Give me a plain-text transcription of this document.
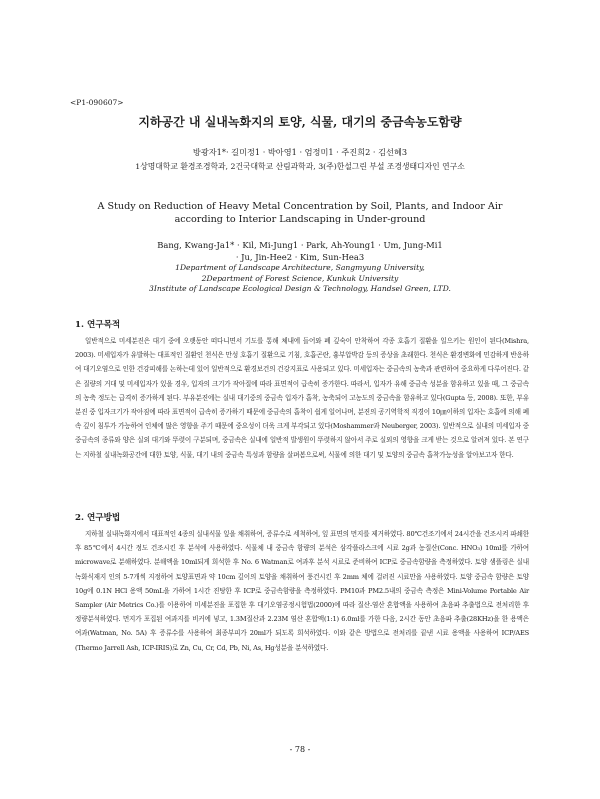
<P1-090607>
지하공간 내 실내녹화지의 토양, 식물, 대기의 중금속농도함량
방광자1*· 길미정1 · 박아영1 · 엄정미1 · 주진희2 · 김선혜3
1상명대학교 환경조경학과, 2건국대학교 산림과학과, 3(주)한설그린 부설 조경생태디자인 연구소
A Study on Reduction of Heavy Metal Concentration by Soil, Plants, and Indoor Air
according to Interior Landscaping in Under-ground
Bang, Kwang-Ja1* · Kil, Mi-Jung1 · Park, Ah-Young1 · Um, Jung-Mi1
· Ju, Jin-Hee2 · Kim, Sun-Hea3
1Department of Landscape Architecture, Sangmyung University,
2Department of Forest Science, Kunkuk University
3Institute of Landscape Ecological Design & Technology, Handsel Green, LTD.
1. 연구목적

일반적으로 미세분진은 대기 중에 오랫동안 떠다니면서 기도를 통해 체내에 들어와 폐 깊숙이 안착하여 각종 호흡기 질환을 일으키는 원인이 된다(Mishra, 2003). 미세입자가 유발하는 대표적인 질환인 천식은 만성 호흡기 질환으로 기침, 호흡곤란, 흉부압박감 등의 증상을 초래한다. 천식은 환경변화에 민감하게 반응하여 대기오염으로 인한 건강피해를 논하는데 있어 일반적으로 환경보건의 건강지표로 사용되고 있다. 미세입자는 중금속의 농축과 관련하여 중요하게 다루어진다. 같은 질량의 거대 및 미세입자가 있을 경우, 입자의 크기가 작아질에 따라 표면적이 급속히 증가한다. 따라서, 입자가 유해 중금속 성분을 함유하고 있을 때, 그 중금속의 농축 정도는 급격히 증가하게 된다. 부유분진에는 실내 대기중의 중금속 입자가 흡착, 농축되어 고농도의 중금속을 함유하고 있다(Gupta 등, 2008). 또한, 부유분진 중 입자크기가 작아짐에 따라 표면적이 급속히 증가하기 때문에 중금속의 흡착이 쉽게 일어나며, 분진의 공기역학적 직경이 10㎛이하의 입자는 호흡에 의해 폐 속 깊이 침투가 가능하여 인체에 많은 영향을 주기 때문에 중요성이 더욱 크게 부각되고 있다(Moshammer과 Neuberger, 2003). 일반적으로 실내의 미세입자 중 중금속의 종류와 양은 실외 대기와 뚜렷이 구분되며, 중금속은 실내에 일반적 발생원이 뚜렷하지 않아서 주로 실외의 영향을 크게 받는 것으로 알려져 있다. 본 연구는 지하철 실내녹화공간에 대한 토양, 식물, 대기 내의 중금속 특성과 함량을 살펴봄으로써, 식물에 의한 대기 및 토양의 중금속 흡착가능성을 알아보고자 한다.

2. 연구방법

지하철 실내녹화지에서 대표적인 4종의 실내식물 잎을 채취하여, 증류수로 세척하여, 잎 표면의 먼지를 제거하였다. 80℃건조기에서 24시간을 건조시켜 파쇄한 후 85℃에서 4시간 정도 건조시킨 후 분석에 사용하였다. 식물체 내 중금속 함량의 분석은 삼각플라스크에 시료 2g과 농질산(Conc. HNO₃) 10ml를 가하여 microwave로 분해하였다. 분해액을 10ml되게 희석한 후 No. 6 Watman로 여과후 분석 시료로 준비하여 ICP로 중금속함량을 측정하였다. 토양 샘플링은 실내녹화식재지 인의 5-7개씩 지정하여 토양표면과 약 10cm 깊이의 토양을 채취하여 풍건시킨 후 2mm 체에 걸러진 시료만을 사용하였다. 토양 중금속 함량은 토양 10g에 0.1N HCl 용액 50mL을 가하여 1시간 진탕한 후 ICP로 중금속함량을 측정하였다. PM10과 PM2.5내의 중금속 측정은 Mini-Volume Portable Air Sampler (Air Metrics Co.)를 이용하여 미세분진을 포집한 후 대기오염공정시험법(2000)에 따라 질산-염산 혼합액을 사용하여 초음파 추출법으로 전처리한 후 정량분석하였다. 먼지가 포집된 여과지를 비커에 넣고, 1.3M질산과 2.23M 염산 혼합액(1:1) 6.0ml를 가한 다음, 2시간 동안 초음파 추출(28KHz)을 한 용액은 여과(Watman, No. 5A) 후 증류수를 사용하여 최종부피가 20ml가 되도록 희석하였다. 이와 같은 방법으로 전처리를 끝낸 시료 용액을 사용하여 ICP/AES (Thermo Jarrell Ash, ICP-IRIS)로 Zn, Cu, Cr, Cd, Pb, Ni, As, Hg성분을 분석하였다.

- 78 -
